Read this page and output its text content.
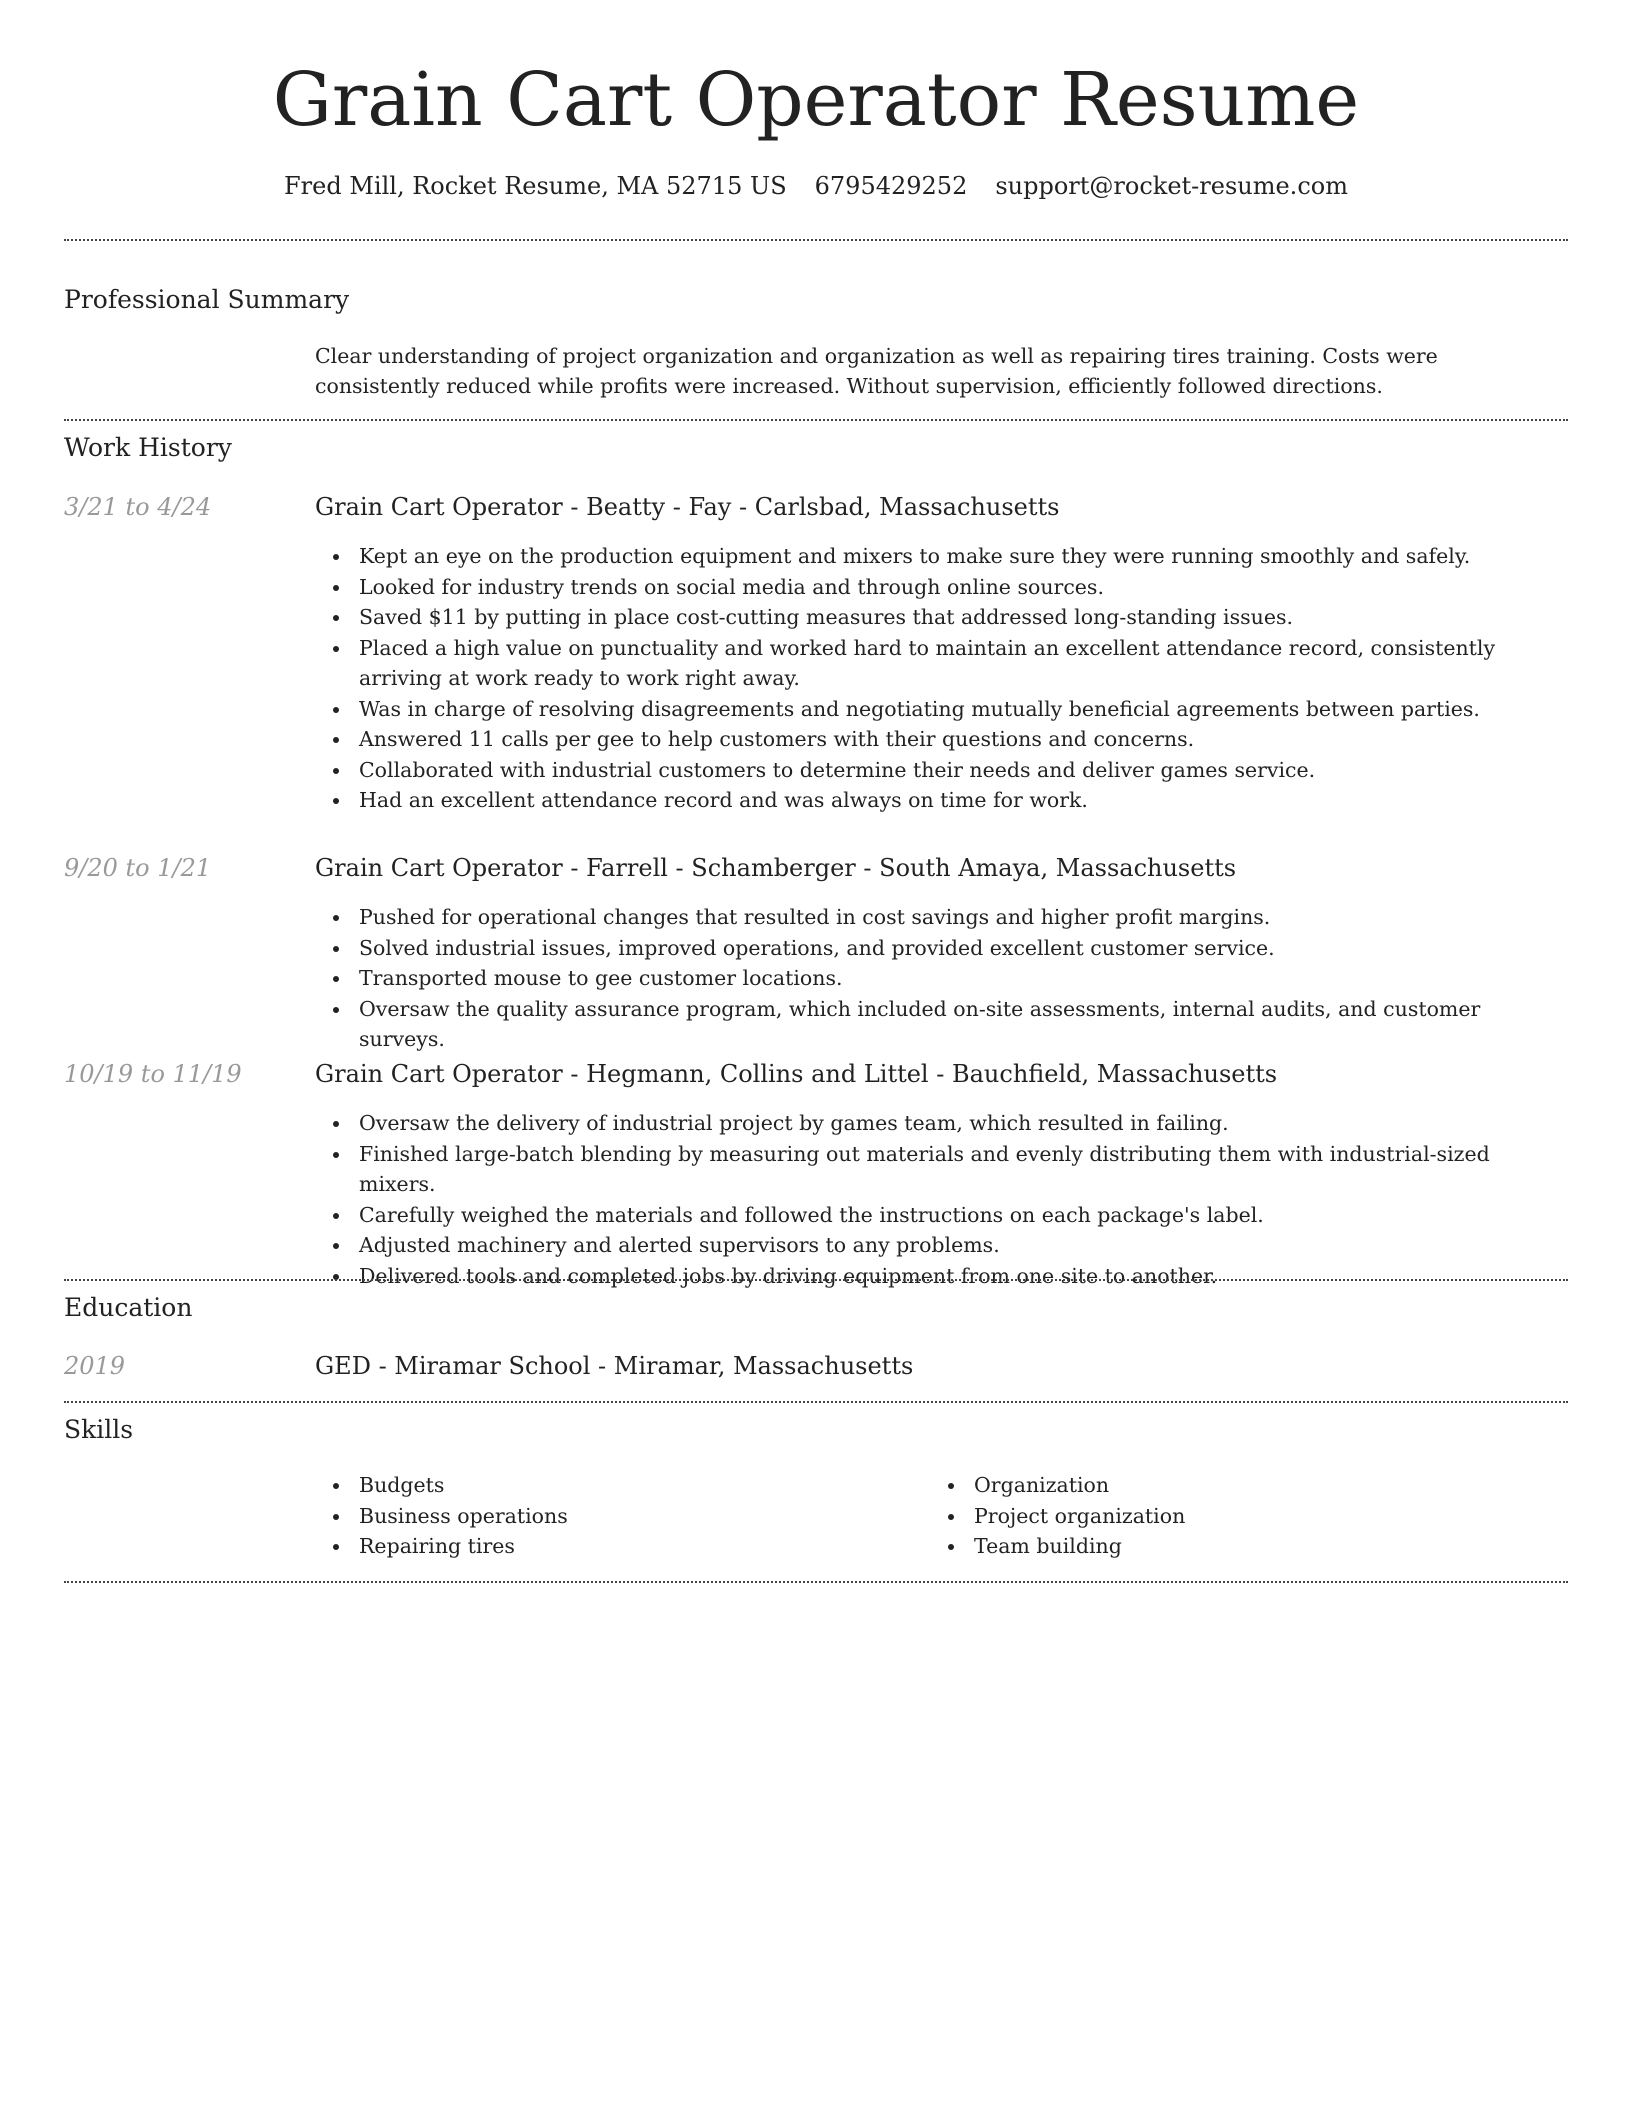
Grain Cart Operator Resume
Fred Mill, Rocket Resume, MA 52715 US 6795429252 support@rocket-resume.com
Professional Summary

Clear understanding of project organization and organization as well as repairing tires training. Costs were consistently reduced while profits were increased. Without supervision, efficiently followed directions.

Work History
3/21 to 4/24	Grain Cart Operator - Beatty - Fay - Carlsbad, Massachusetts
Kept an eye on the production equipment and mixers to make sure they were running smoothly and safely.
Looked for industry trends on social media and through online sources.
Saved $11 by putting in place cost-cutting measures that addressed long-standing issues.
Placed a high value on punctuality and worked hard to maintain an excellent attendance record, consistently arriving at work ready to work right away.
Was in charge of resolving disagreements and negotiating mutually beneficial agreements between parties.
Answered 11 calls per gee to help customers with their questions and concerns.
Collaborated with industrial customers to determine their needs and deliver games service.
Had an excellent attendance record and was always on time for work.
9/20 to 1/21	Grain Cart Operator - Farrell - Schamberger - South Amaya, Massachusetts
Pushed for operational changes that resulted in cost savings and higher profit margins.
Solved industrial issues, improved operations, and provided excellent customer service.
Transported mouse to gee customer locations.
Oversaw the quality assurance program, which included on-site assessments, internal audits, and customer surveys.
10/19 to 11/19	Grain Cart Operator - Hegmann, Collins and Littel - Bauchfield, Massachusetts
Oversaw the delivery of industrial project by games team, which resulted in failing.
Finished large-batch blending by measuring out materials and evenly distributing them with industrial-sized mixers.
Carefully weighed the materials and followed the instructions on each package's label.
Adjusted machinery and alerted supervisors to any problems.
Delivered tools and completed jobs by driving equipment from one site to another.
Education
2019	GED - Miramar School - Miramar, Massachusetts
Skills
Budgets
Business operations
Repairing tires
Organization
Project organization
Team building
